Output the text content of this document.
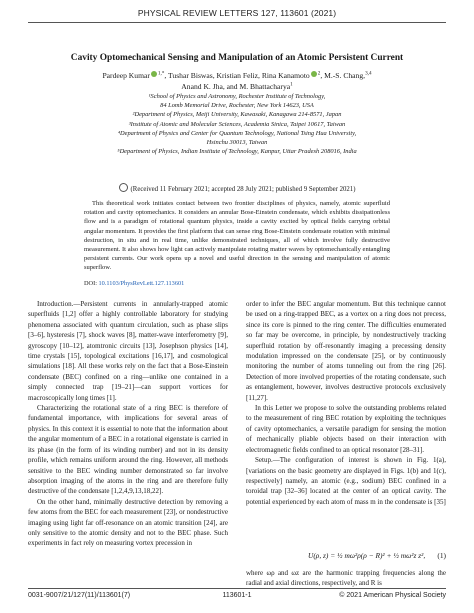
PHYSICAL REVIEW LETTERS 127, 113601 (2021)
Cavity Optomechanical Sensing and Manipulation of an Atomic Persistent Current
Pardeep Kumar $^{1,*}$, Tushar Biswas, Kristian Feliz, Rina Kanamoto $^2$, M.-S. Chang,$^{3,4}$
Anand K. Jha, and M. Bhattacharya$^1$
¹School of Physics and Astronomy, Rochester Institute of Technology,
84 Lomb Memorial Drive, Rochester, New York 14623, USA
²Department of Physics, Meiji University, Kawasaki, Kanagawa 214-8571, Japan
³Institute of Atomic and Molecular Sciences, Academia Sinica, Taipei 10617, Taiwan
⁴Department of Physics and Center for Quantum Technology, National Tsing Hua University,
Hsinchu 30013, Taiwan
⁵Department of Physics, Indian Institute of Technology, Kanpur, Uttar Pradesh 208016, India
(Received 11 February 2021; accepted 28 July 2021; published 9 September 2021)

This theoretical work initiates contact between two frontier disciplines of physics, namely, atomic superfluid rotation and cavity optomechanics. It considers an annular Bose-Einstein condensate, which exhibits dissipationless flow and is a paradigm of rotational quantum physics, inside a cavity excited by optical fields carrying orbital angular momentum. It provides the first platform that can sense ring Bose-Einstein condensate rotation with minimal destruction, in situ and in real time, unlike demonstrated techniques, all of which involve fully destructive measurement. It also shows how light can actively manipulate rotating matter waves by optomechanically entangling persistent currents. Our work opens up a novel and useful direction in the sensing and manipulation of atomic superflow.

DOI: 10.1103/PhysRevLett.127.113601

Introduction.—Persistent currents in annularly-trapped atomic superfluids [1,2] offer a highly controllable laboratory for studying phenomena associated with quantum circulation, such as phase slips [3–6], hysteresis [7], shock waves [8], matter-wave interferometry [9], gyroscopy [10–12], atomtronic circuits [13], Josephson physics [14], time crystals [15], topological excitations [16,17], and cosmological simulations [18]. All these works rely on the fact that a Bose-Einstein condensate (BEC) confined on a ring—unlike one contained in a simply connected trap [19–21]—can support vortices for macroscopically long times [1].

Characterizing the rotational state of a ring BEC is therefore of fundamental importance, with implications for several areas of physics. In this context it is essential to note that the information about the angular momentum of a BEC in a rotational eigenstate is carried in its phase (in the form of its winding number) and not in its density profile, which remains uniform around the ring. However, all methods sensitive to the BEC winding number demonstrated so far involve absorption imaging of the atoms in the ring and are therefore fully destructive of the condensate [1,2,4,9,13,18,22].

On the other hand, minimally destructive detection by removing a few atoms from the BEC for each measurement [23], or nondestructive imaging using light far off-resonance on an atomic transition [24], are only sensitive to the atomic density and not to the BEC phase. Such experiments in fact rely on measuring vortex precession in

order to infer the BEC angular momentum. But this technique cannot be used on a ring-trapped BEC, as a vortex on a ring does not precess, since its core is pinned to the ring center. The difficulties enumerated so far may be overcome, in principle, by nondestructively tracking superfluid rotation by off-resonantly imaging a precessing density modulation impressed on the condensate [25], or by continuously monitoring the number of atoms tunneling out from the ring [26]. Detection of more involved properties of the rotating condensate, such as entanglement, however, involves destructive protocols exclusively [11,27].

In this Letter we propose to solve the outstanding problems related to the measurement of ring BEC rotation by exploiting the techniques of cavity optomechanics, a versatile paradigm for sensing the motion of mechanically pliable objects based on their interaction with electromagnetic fields confined to an optical resonator [28–31].

Setup.—The configuration of interest is shown in Fig. 1(a), [variations on the basic geometry are displayed in Figs. 1(b) and 1(c), respectively] namely, an atomic (e.g., sodium) BEC confined in a toroidal trap [32–36] located at the center of an optical cavity. The potential experienced by each atom of mass m in the condensate is [35]

U(ρ, z) = ½ mω²ρ(ρ − R)² + ½ mω²z z², (1)
where ωρ and ωz are the harmonic trapping frequencies along the radial and axial directions, respectively, and R is
0031-9007/21/127(11)/113601(7)	113601-1	© 2021 American Physical Society
